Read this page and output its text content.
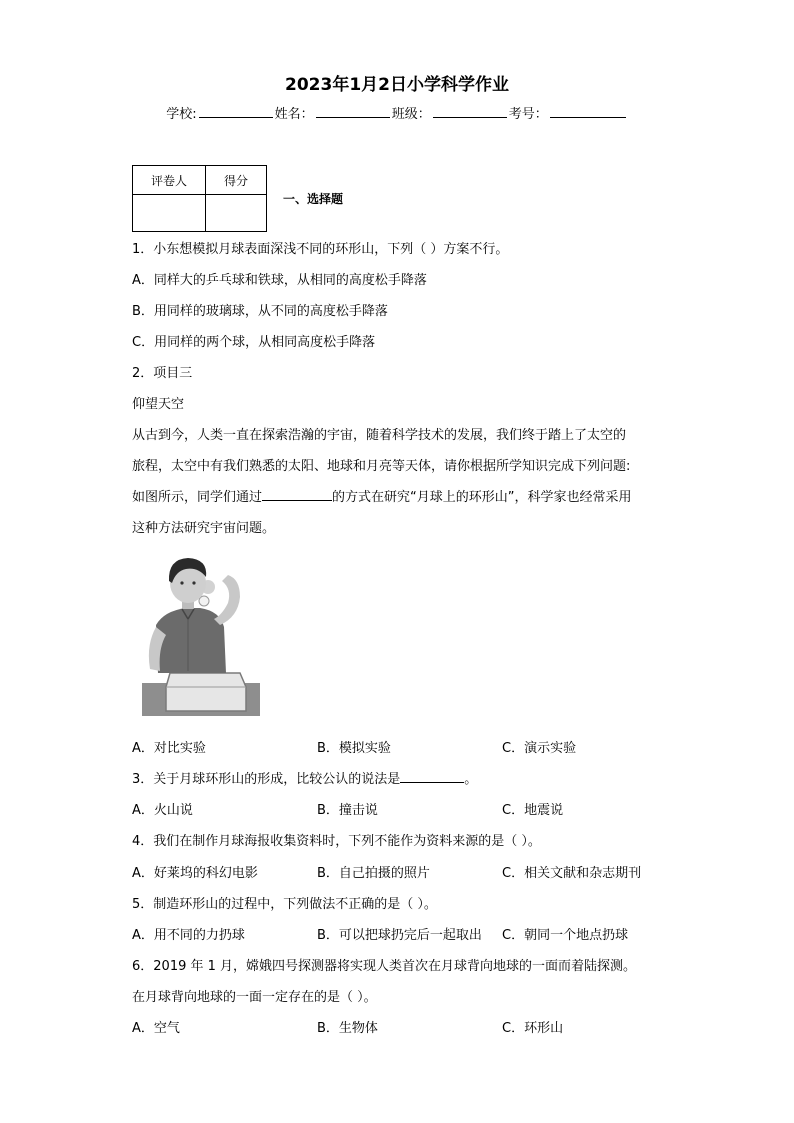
2023年1月2日小学科学作业
学校:	姓名：	班级：	考号：
评卷人	得分

一、选择题
1．小东想模拟月球表面深浅不同的环形山，下列（ ）方案不行。
A．同样大的乒乓球和铁球，从相同的高度松手降落
B．用同样的玻璃球，从不同的高度松手降落
C．用同样的两个球，从相同高度松手降落
2．项目三
仰望天空
从古到今，人类一直在探索浩瀚的宇宙，随着科学技术的发展，我们终于踏上了太空的
旅程，太空中有我们熟悉的太阳、地球和月亮等天体，请你根据所学知识完成下列问题:
如图所示，同学们通过	的方式在研究“月球上的环形山”，科学家也经常采用
这种方法研究宇宙问题。
A．对比实验	B．模拟实验	C．演示实验
3．关于月球环形山的形成，比较公认的说法是	。
A．火山说	B．撞击说	C．地震说
4．我们在制作月球海报收集资料时，下列不能作为资料来源的是（ ）。
A．好莱坞的科幻电影	B．自己拍摄的照片	C．相关文献和杂志期刊
5．制造环形山的过程中，下列做法不正确的是（ ）。
A．用不同的力扔球	B．可以把球扔完后一起取出 C．朝同一个地点扔球
6．2019 年 1 月，嫦娥四号探测器将实现人类首次在月球背向地球的一面而着陆探测。
在月球背向地球的一面一定存在的是（ ）。
A．空气	B．生物体	C．环形山
